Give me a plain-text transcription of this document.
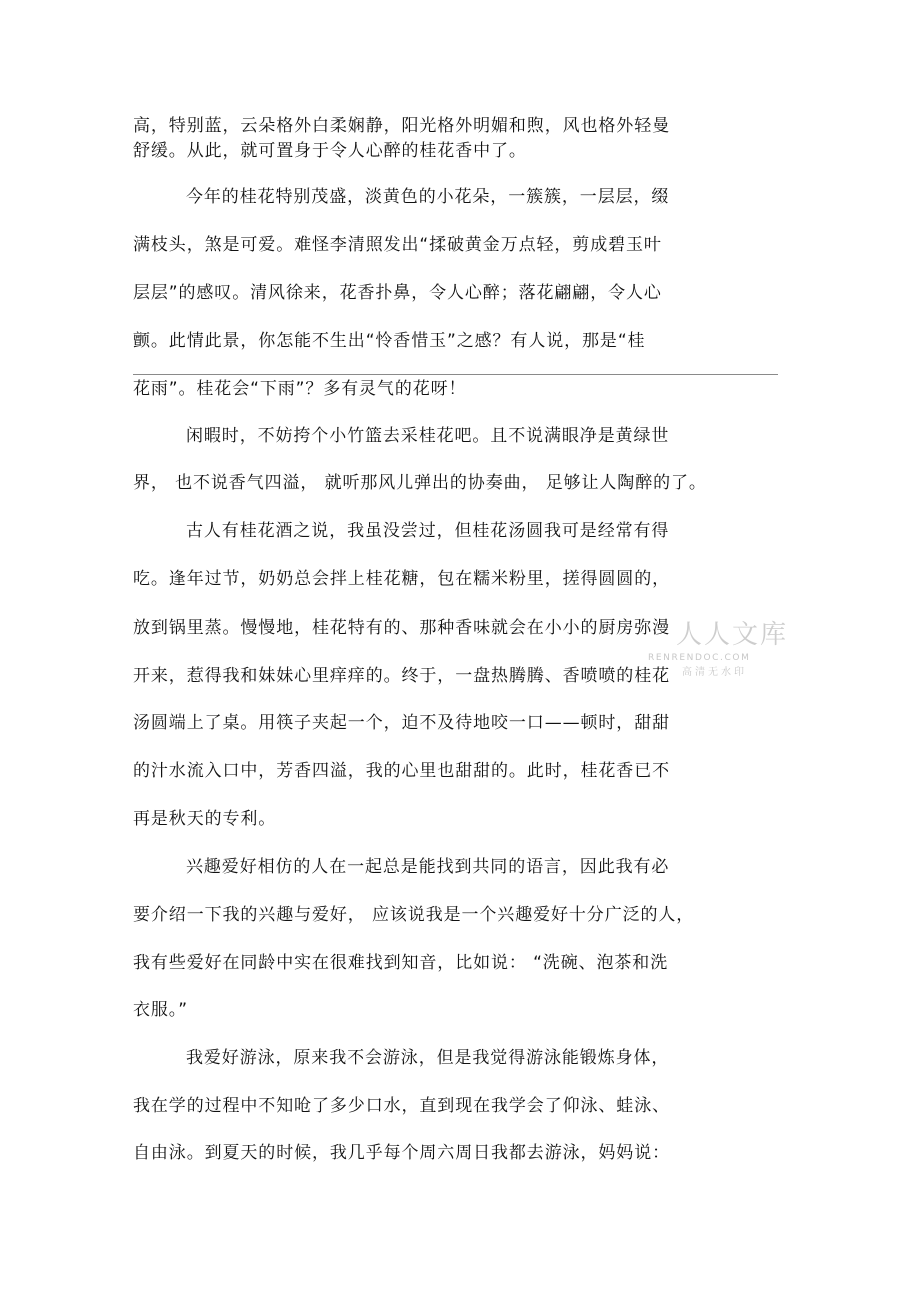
高，特别蓝，云朵格外白柔娴静，阳光格外明媚和煦，风也格外轻曼
舒缓。从此，就可置身于令人心醉的桂花香中了。
今年的桂花特别茂盛，淡黄色的小花朵，一簇簇，一层层，缀
满枝头，煞是可爱。难怪李清照发出“揉破黄金万点轻，剪成碧玉叶
层层”的感叹。清风徐来，花香扑鼻，令人心醉；落花翩翩，令人心
颤。此情此景，你怎能不生出“怜香惜玉”之感？有人说，那是“桂
花雨”。桂花会“下雨”？多有灵气的花呀！
闲暇时，不妨挎个小竹篮去采桂花吧。且不说满眼净是黄绿世
界， 也不说香气四溢， 就听那风儿弹出的协奏曲， 足够让人陶醉的了。
古人有桂花酒之说，我虽没尝过，但桂花汤圆我可是经常有得
吃。逢年过节，奶奶总会拌上桂花糖，包在糯米粉里，搓得圆圆的，
放到锅里蒸。慢慢地，桂花特有的、那种香味就会在小小的厨房弥漫
开来，惹得我和妹妹心里痒痒的。终于，一盘热腾腾、香喷喷的桂花
汤圆端上了桌。用筷子夹起一个，迫不及待地咬一口——顿时，甜甜
的汁水流入口中，芳香四溢，我的心里也甜甜的。此时，桂花香已不
再是秋天的专利。
兴趣爱好相仿的人在一起总是能找到共同的语言，因此我有必
要介绍一下我的兴趣与爱好， 应该说我是一个兴趣爱好十分广泛的人，
我有些爱好在同龄中实在很难找到知音，比如说： “洗碗、泡茶和洗
衣服。”
我爱好游泳，原来我不会游泳，但是我觉得游泳能锻炼身体，
我在学的过程中不知呛了多少口水，直到现在我学会了仰泳、蛙泳、
自由泳。到夏天的时候，我几乎每个周六周日我都去游泳，妈妈说：
人人文库
RENRENDOC.COM
高清无水印
